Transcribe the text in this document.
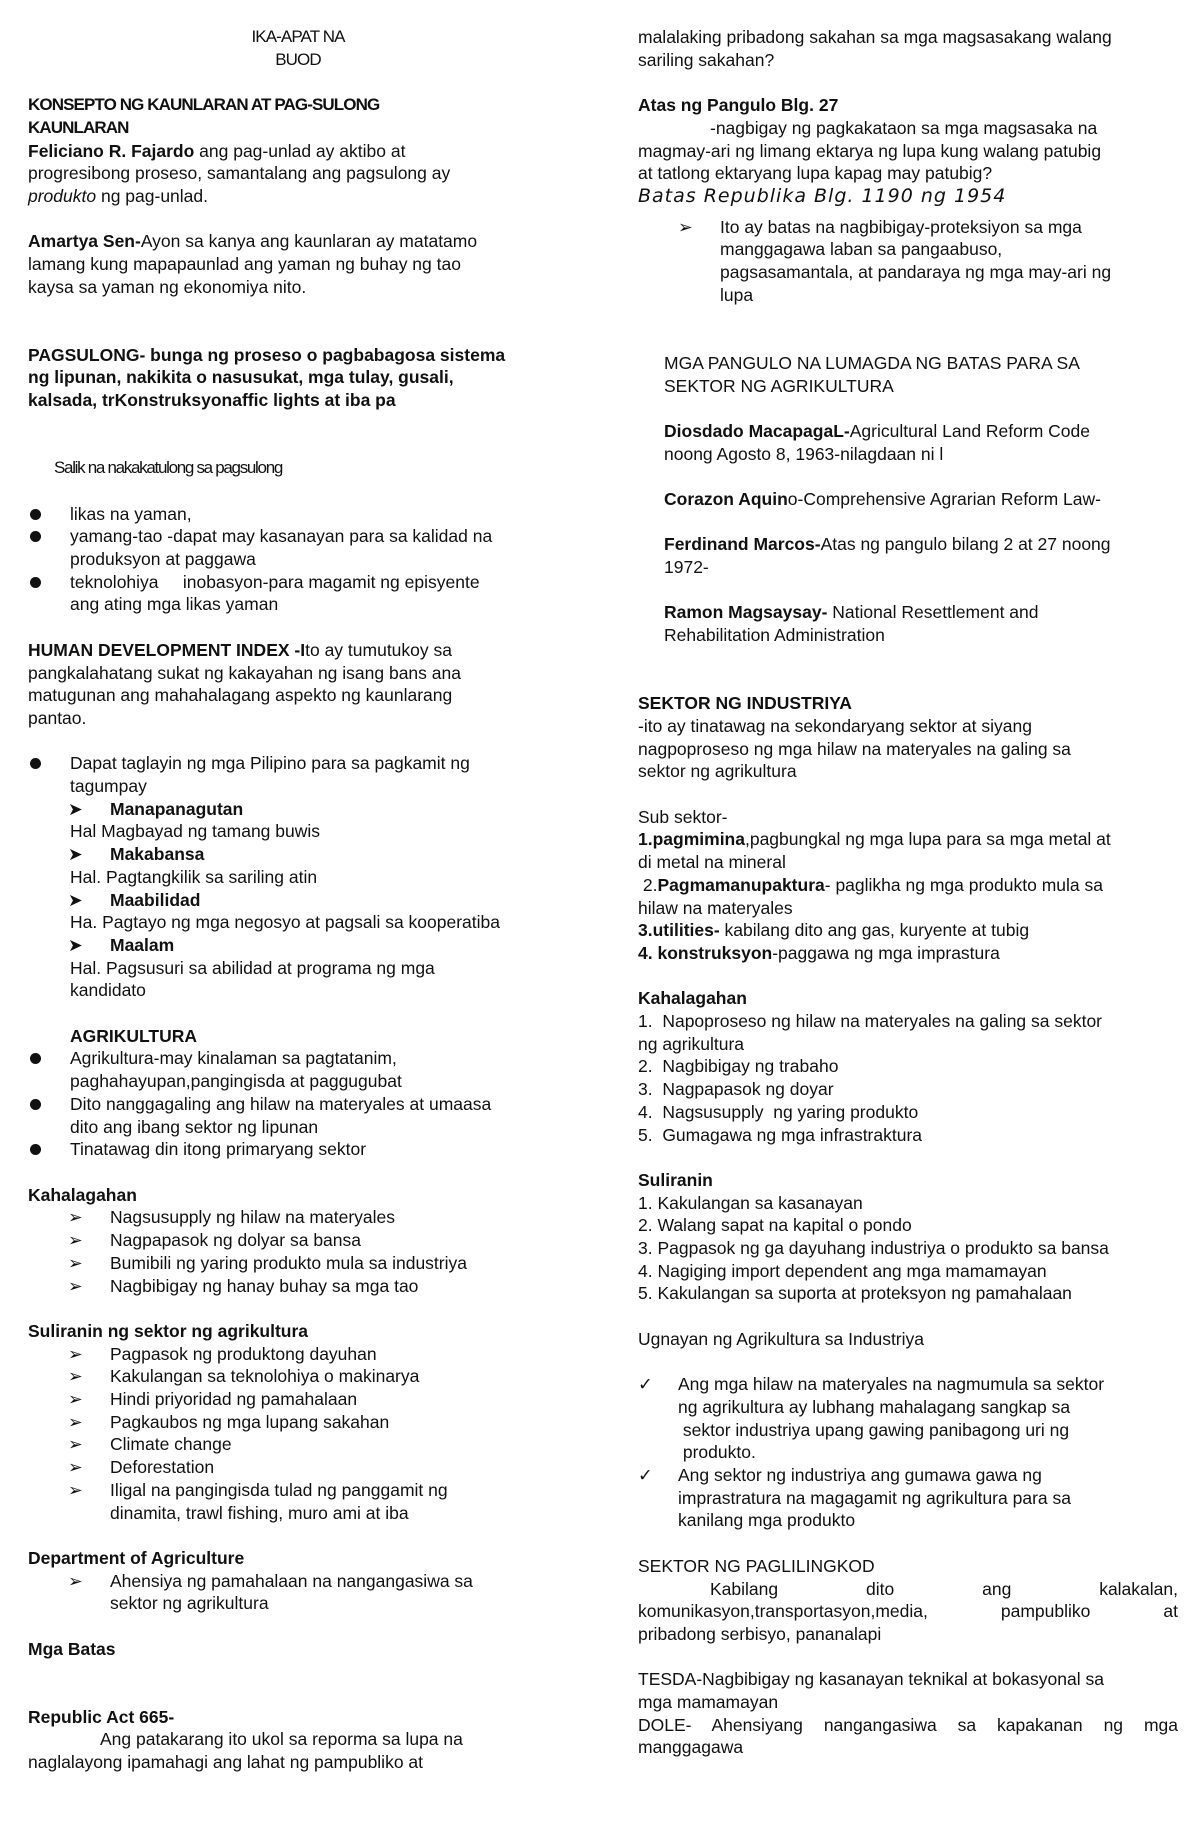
IKA-APAT NA

BUOD

KONSEPTO NG KAUNLARAN AT PAG-SULONG

KAUNLARAN

Feliciano R. Fajardo ang pag-unlad ay aktibo at

progresibong proseso, samantalang ang pagsulong ay

produkto ng pag-unlad.

Amartya Sen-Ayon sa kanya ang kaunlaran ay matatamo

lamang kung mapapaunlad ang yaman ng buhay ng tao

kaysa sa yaman ng ekonomiya nito.

PAGSULONG- bunga ng proseso o pagbabagosa sistema

ng lipunan, nakikita o nasusukat, mga tulay, gusali,

kalsada, trKonstruksyonaffic lights at iba pa

Salik na nakakatulong sa pagsulong

likas na yaman,
yamang-tao -dapat may kasanayan para sa kalidad na

produksyon at paggawa

teknolohiya     inobasyon-para magamit ng episyente

ang ating mga likas yaman

HUMAN DEVELOPMENT INDEX -Ito ay tumutukoy sa

pangkalahatang sukat ng kakayahan ng isang bans ana

matugunan ang mahahalagang aspekto ng kaunlarang

pantao.

Dapat taglayin ng mga Pilipino para sa pagkamit ng

tagumpay

➤ Manapanagutan

Hal Magbayad ng tamang buwis

➤ Makabansa

Hal. Pagtangkilik sa sariling atin

➤ Maabilidad

Ha. Pagtayo ng mga negosyo at pagsali sa kooperatiba

➤ Maalam

Hal. Pagsusuri sa abilidad at programa ng mga

kandidato

AGRIKULTURA

Agrikultura-may kinalaman sa pagtatanim,

paghahayupan,pangingisda at paggugubat

Dito nanggagaling ang hilaw na materyales at umaasa

dito ang ibang sektor ng lipunan

Tinatawag din itong primaryang sektor

Kahalagahan

➢ Nagsusupply ng hilaw na materyales
➢ Nagpapasok ng dolyar sa bansa
➢ Bumibili ng yaring produkto mula sa industriya
➢ Nagbibigay ng hanay buhay sa mga tao

Suliranin ng sektor ng agrikultura

➢ Pagpasok ng produktong dayuhan
➢ Kakulangan sa teknolohiya o makinarya
➢ Hindi priyoridad ng pamahalaan
➢ Pagkaubos ng mga lupang sakahan
➢ Climate change
➢ Deforestation
➢ Iligal na pangingisda tulad ng panggamit ng

dinamita, trawl fishing, muro ami at iba

Department of Agriculture

➢ Ahensiya ng pamahalaan na nangangasiwa sa

sektor ng agrikultura

Mga Batas

Republic Act 665-

Ang patakarang ito ukol sa reporma sa lupa na

naglalayong ipamahagi ang lahat ng pampubliko at

malalaking pribadong sakahan sa mga magsasakang walang

sariling sakahan?

Atas ng Pangulo Blg. 27

-nagbigay ng pagkakataon sa mga magsasaka na

magmay-ari ng limang ektarya ng lupa kung walang patubig

at tatlong ektaryang lupa kapag may patubig?

Batas Republika Blg. 1190 ng 1954

➢ Ito ay batas na nagbibigay-proteksiyon sa mga

manggagawa laban sa pangaabuso,

pagsasamantala, at pandaraya ng mga may-ari ng

lupa

MGA PANGULO NA LUMAGDA NG BATAS PARA SA

SEKTOR NG AGRIKULTURA

Diosdado MacapagaL-Agricultural Land Reform Code

noong Agosto 8, 1963-nilagdaan ni l

Corazon Aquino-Comprehensive Agrarian Reform Law-

Ferdinand Marcos-Atas ng pangulo bilang 2 at 27 noong

1972-

Ramon Magsaysay- National Resettlement and

Rehabilitation Administration

SEKTOR NG INDUSTRIYA

-ito ay tinatawag na sekondaryang sektor at siyang

nagpoproseso ng mga hilaw na materyales na galing sa

sektor ng agrikultura

Sub sektor-

1.pagmimina,pagbungkal ng mga lupa para sa mga metal at

di metal na mineral

2.Pagmamanupaktura- paglikha ng mga produkto mula sa

hilaw na materyales

3.utilities- kabilang dito ang gas, kuryente at tubig

4. konstruksyon-paggawa ng mga imprastura

Kahalagahan

1.  Napoproseso ng hilaw na materyales na galing sa sektor

ng agrikultura

2.  Nagbibigay ng trabaho

3.  Nagpapasok ng doyar

4.  Nagsusupply  ng yaring produkto

5.  Gumagawa ng mga infrastraktura

Suliranin

1. Kakulangan sa kasanayan

2. Walang sapat na kapital o pondo

3. Pagpasok ng ga dayuhang industriya o produkto sa bansa

4. Nagiging import dependent ang mga mamamayan

5. Kakulangan sa suporta at proteksyon ng pamahalaan

Ugnayan ng Agrikultura sa Industriya

✓	Ang mga hilaw na materyales na nagmumula sa sektor

ng agrikultura ay lubhang mahalagang sangkap sa

sektor industriya upang gawing panibagong uri ng

produkto.

✓	Ang sektor ng industriya ang gumawa gawa ng

imprastratura na magagamit ng agrikultura para sa

kanilang mga produkto

SEKTOR NG PAGLILINGKOD

Kabilang dito ang kalakalan,

komunikasyon,transportasyon,media, pampubliko at

pribadong serbisyo, pananalapi

TESDA-Nagbibigay ng kasanayan teknikal at bokasyonal sa

mga mamamayan

DOLE- Ahensiyang nangangasiwa sa kapakanan ng mga

manggagawa
